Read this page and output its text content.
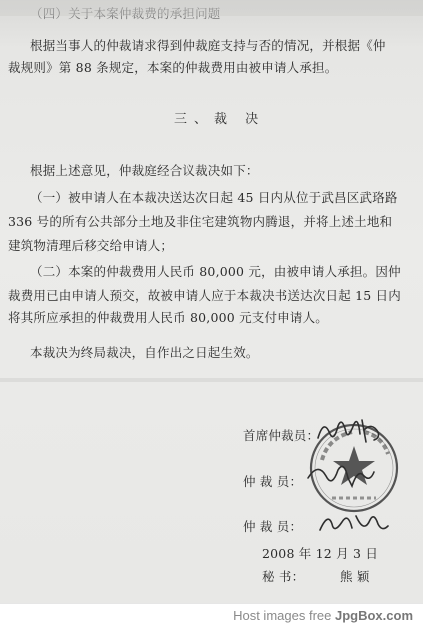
（四）关于本案仲裁费的承担问题
根据当事人的仲裁请求得到仲裁庭支持与否的情况，并根据《仲
裁规则》第 88 条规定，本案的仲裁费用由被申请人承担。
三、裁 决
根据上述意见，仲裁庭经合议裁决如下：
（一）被申请人在本裁决送达次日起 45 日内从位于武昌区武珞路
336 号的所有公共部分土地及非住宅建筑物内腾退，并将上述土地和
建筑物清理后移交给申请人；
（二）本案的仲裁费用人民币 80,000 元，由被申请人承担。因仲
裁费用已由申请人预交，故被申请人应于本裁决书送达次日起 15 日内
将其所应承担的仲裁费用人民币 80,000 元支付申请人。
本裁决为终局裁决，自作出之日起生效。
首席仲裁员：
仲 裁 员：
仲 裁 员：
2008 年 12 月 3 日
秘 书：	熊 颖
Host images free JpgBox.com
